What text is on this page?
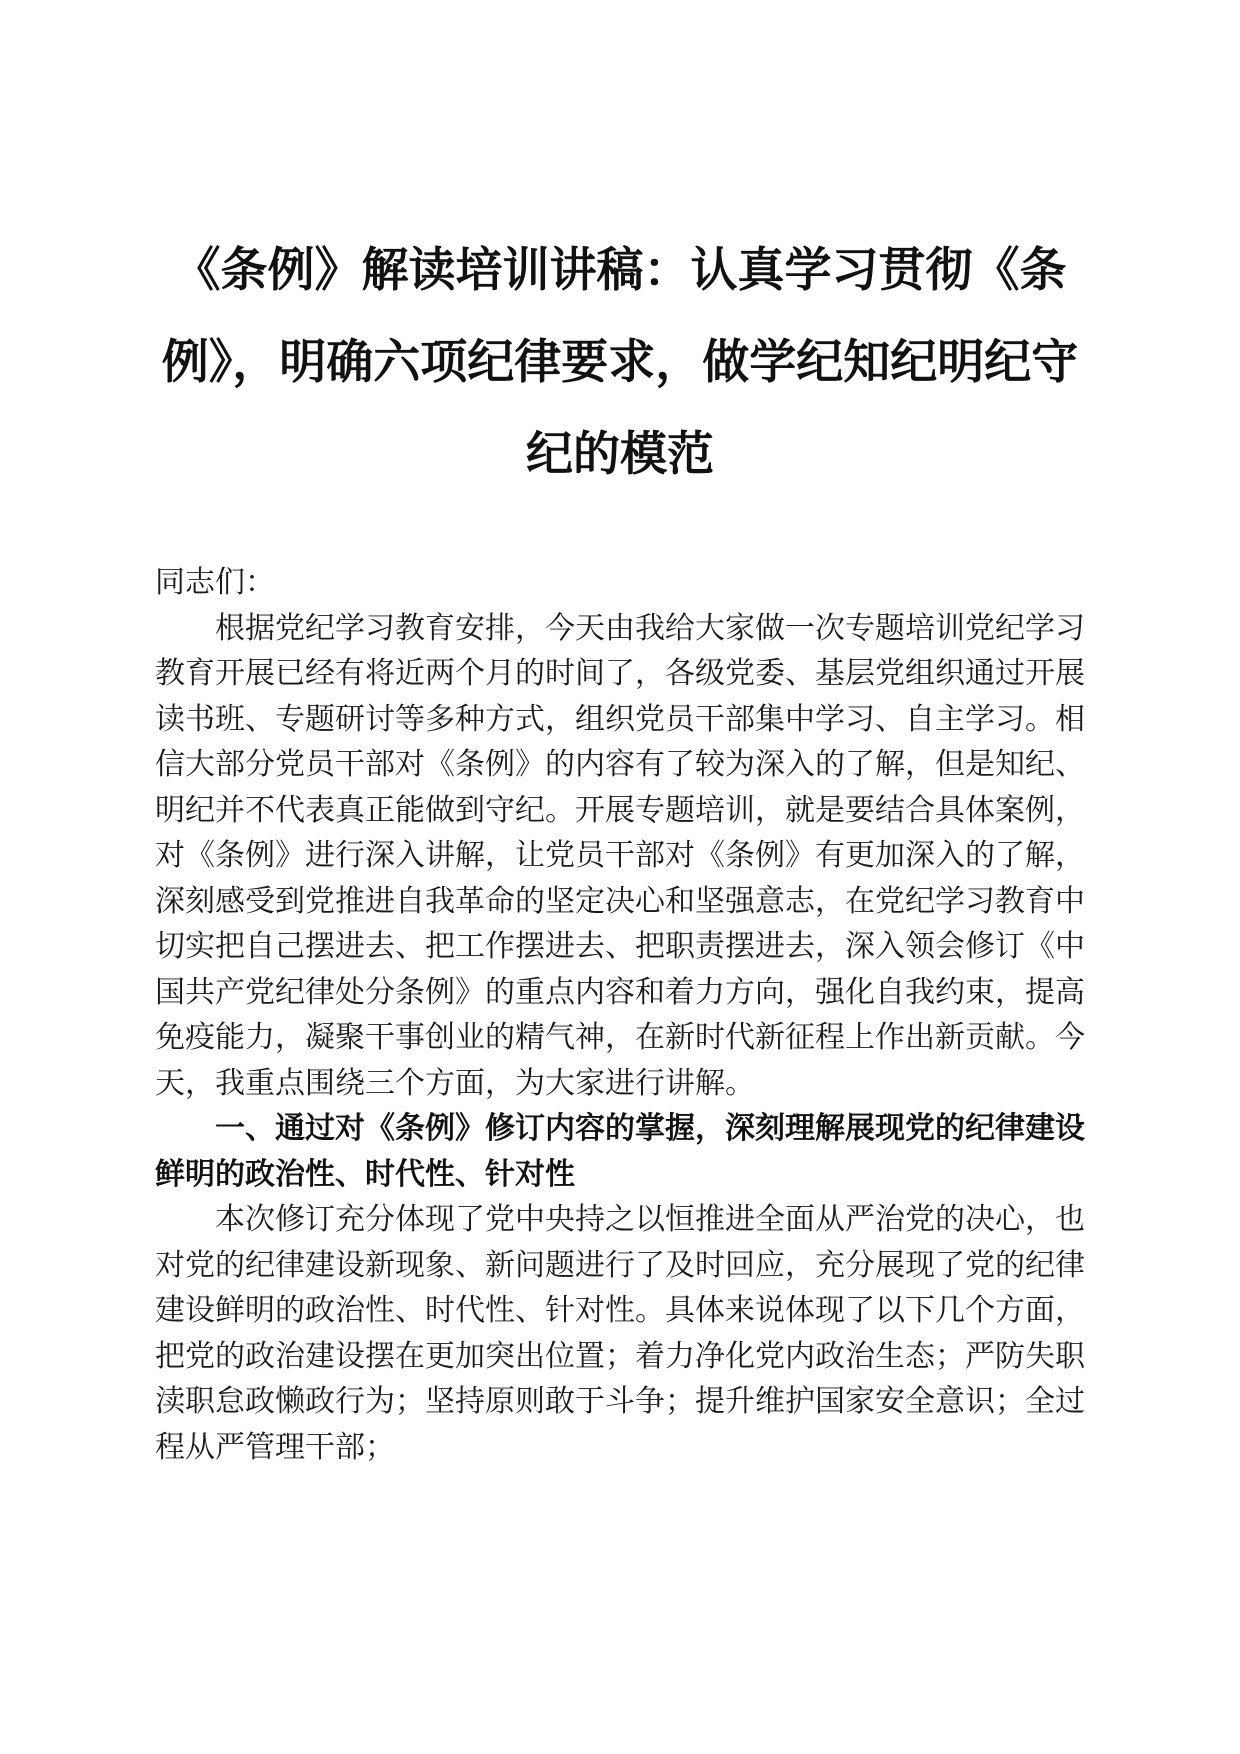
《条例》解读培训讲稿：认真学习贯彻《条例》，明确六项纪律要求，做学纪知纪明纪守纪的模范

同志们：

根据党纪学习教育安排，今天由我给大家做一次专题培训党纪学习教育开展已经有将近两个月的时间了，各级党委、基层党组织通过开展读书班、专题研讨等多种方式，组织党员干部集中学习、自主学习。相信大部分党员干部对《条例》的内容有了较为深入的了解，但是知纪、明纪并不代表真正能做到守纪。开展专题培训，就是要结合具体案例，对《条例》进行深入讲解，让党员干部对《条例》有更加深入的了解，深刻感受到党推进自我革命的坚定决心和坚强意志，在党纪学习教育中切实把自己摆进去、把工作摆进去、把职责摆进去，深入领会修订《中国共产党纪律处分条例》的重点内容和着力方向，强化自我约束，提高免疫能力，凝聚干事创业的精气神，在新时代新征程上作出新贡献。今天，我重点围绕三个方面，为大家进行讲解。

一、通过对《条例》修订内容的掌握，深刻理解展现党的纪律建设鲜明的政治性、时代性、针对性

本次修订充分体现了党中央持之以恒推进全面从严治党的决心，也对党的纪律建设新现象、新问题进行了及时回应，充分展现了党的纪律建设鲜明的政治性、时代性、针对性。具体来说体现了以下几个方面，把党的政治建设摆在更加突出位置；着力净化党内政治生态；严防失职渎职怠政懒政行为；坚持原则敢于斗争；提升维护国家安全意识；全过程从严管理干部；
